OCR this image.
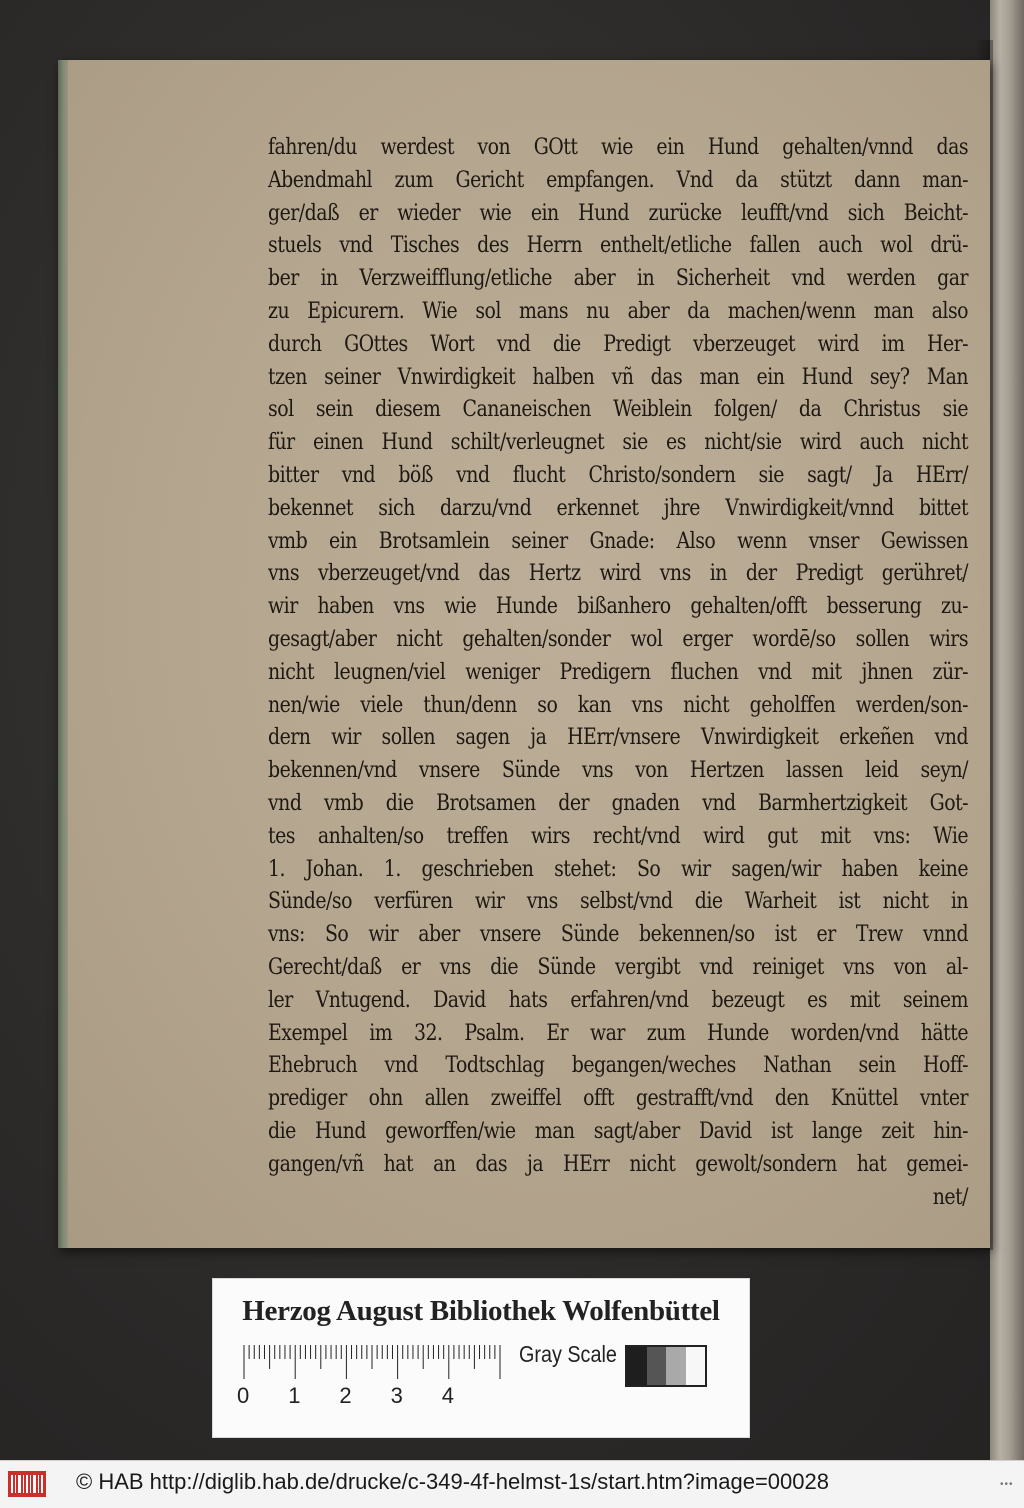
fahren/du werdest von GOtt wie ein Hund gehalten/vnnd das
Abendmahl zum Gericht empfangen. Vnd da stützt dann man-
ger/daß er wieder wie ein Hund zurücke leufft/vnd sich Beicht-
stuels vnd Tisches des Herrn enthelt/etliche fallen auch wol drü-
ber in Verzweifflung/etliche aber in Sicherheit vnd werden gar
zu Epicurern. Wie sol mans nu aber da machen/wenn man also
durch GOttes Wort vnd die Predigt vberzeuget wird im Her-
tzen seiner Vnwirdigkeit halben vñ das man ein Hund sey? Man
sol sein diesem Cananeischen Weiblein folgen/ da Christus sie
für einen Hund schilt/verleugnet sie es nicht/sie wird auch nicht
bitter vnd böß vnd flucht Christo/sondern sie sagt/ Ja HErr/
bekennet sich darzu/vnd erkennet jhre Vnwirdigkeit/vnnd bittet
vmb ein Brotsamlein seiner Gnade: Also wenn vnser Gewissen
vns vberzeuget/vnd das Hertz wird vns in der Predigt gerühret/
wir haben vns wie Hunde bißanhero gehalten/offt besserung zu-
gesagt/aber nicht gehalten/sonder wol erger wordē/so sollen wirs
nicht leugnen/viel weniger Predigern fluchen vnd mit jhnen zür-
nen/wie viele thun/denn so kan vns nicht geholffen werden/son-
dern wir sollen sagen ja HErr/vnsere Vnwirdigkeit erkeñen vnd
bekennen/vnd vnsere Sünde vns von Hertzen lassen leid seyn/
vnd vmb die Brotsamen der gnaden vnd Barmhertzigkeit Got-
tes anhalten/so treffen wirs recht/vnd wird gut mit vns: Wie
1. Johan. 1. geschrieben stehet: So wir sagen/wir haben keine
Sünde/so verfüren wir vns selbst/vnd die Warheit ist nicht in
vns: So wir aber vnsere Sünde bekennen/so ist er Trew vnnd
Gerecht/daß er vns die Sünde vergibt vnd reiniget vns von al-
ler Vntugend. David hats erfahren/vnd bezeugt es mit seinem
Exempel im 32. Psalm. Er war zum Hunde worden/vnd hätte
Ehebruch vnd Todtschlag begangen/weches Nathan sein Hoff-
prediger ohn allen zweiffel offt gestrafft/vnd den Knüttel vnter
die Hund geworffen/wie man sagt/aber David ist lange zeit hin-
gangen/vñ hat an das ja HErr nicht gewolt/sondern hat gemei-
net/
Herzog August Bibliothek Wolfenbüttel
0 1 2 3 4
Gray Scale
© HAB http://diglib.hab.de/drucke/c-349-4f-helmst-1s/start.htm?image=00028	•••
